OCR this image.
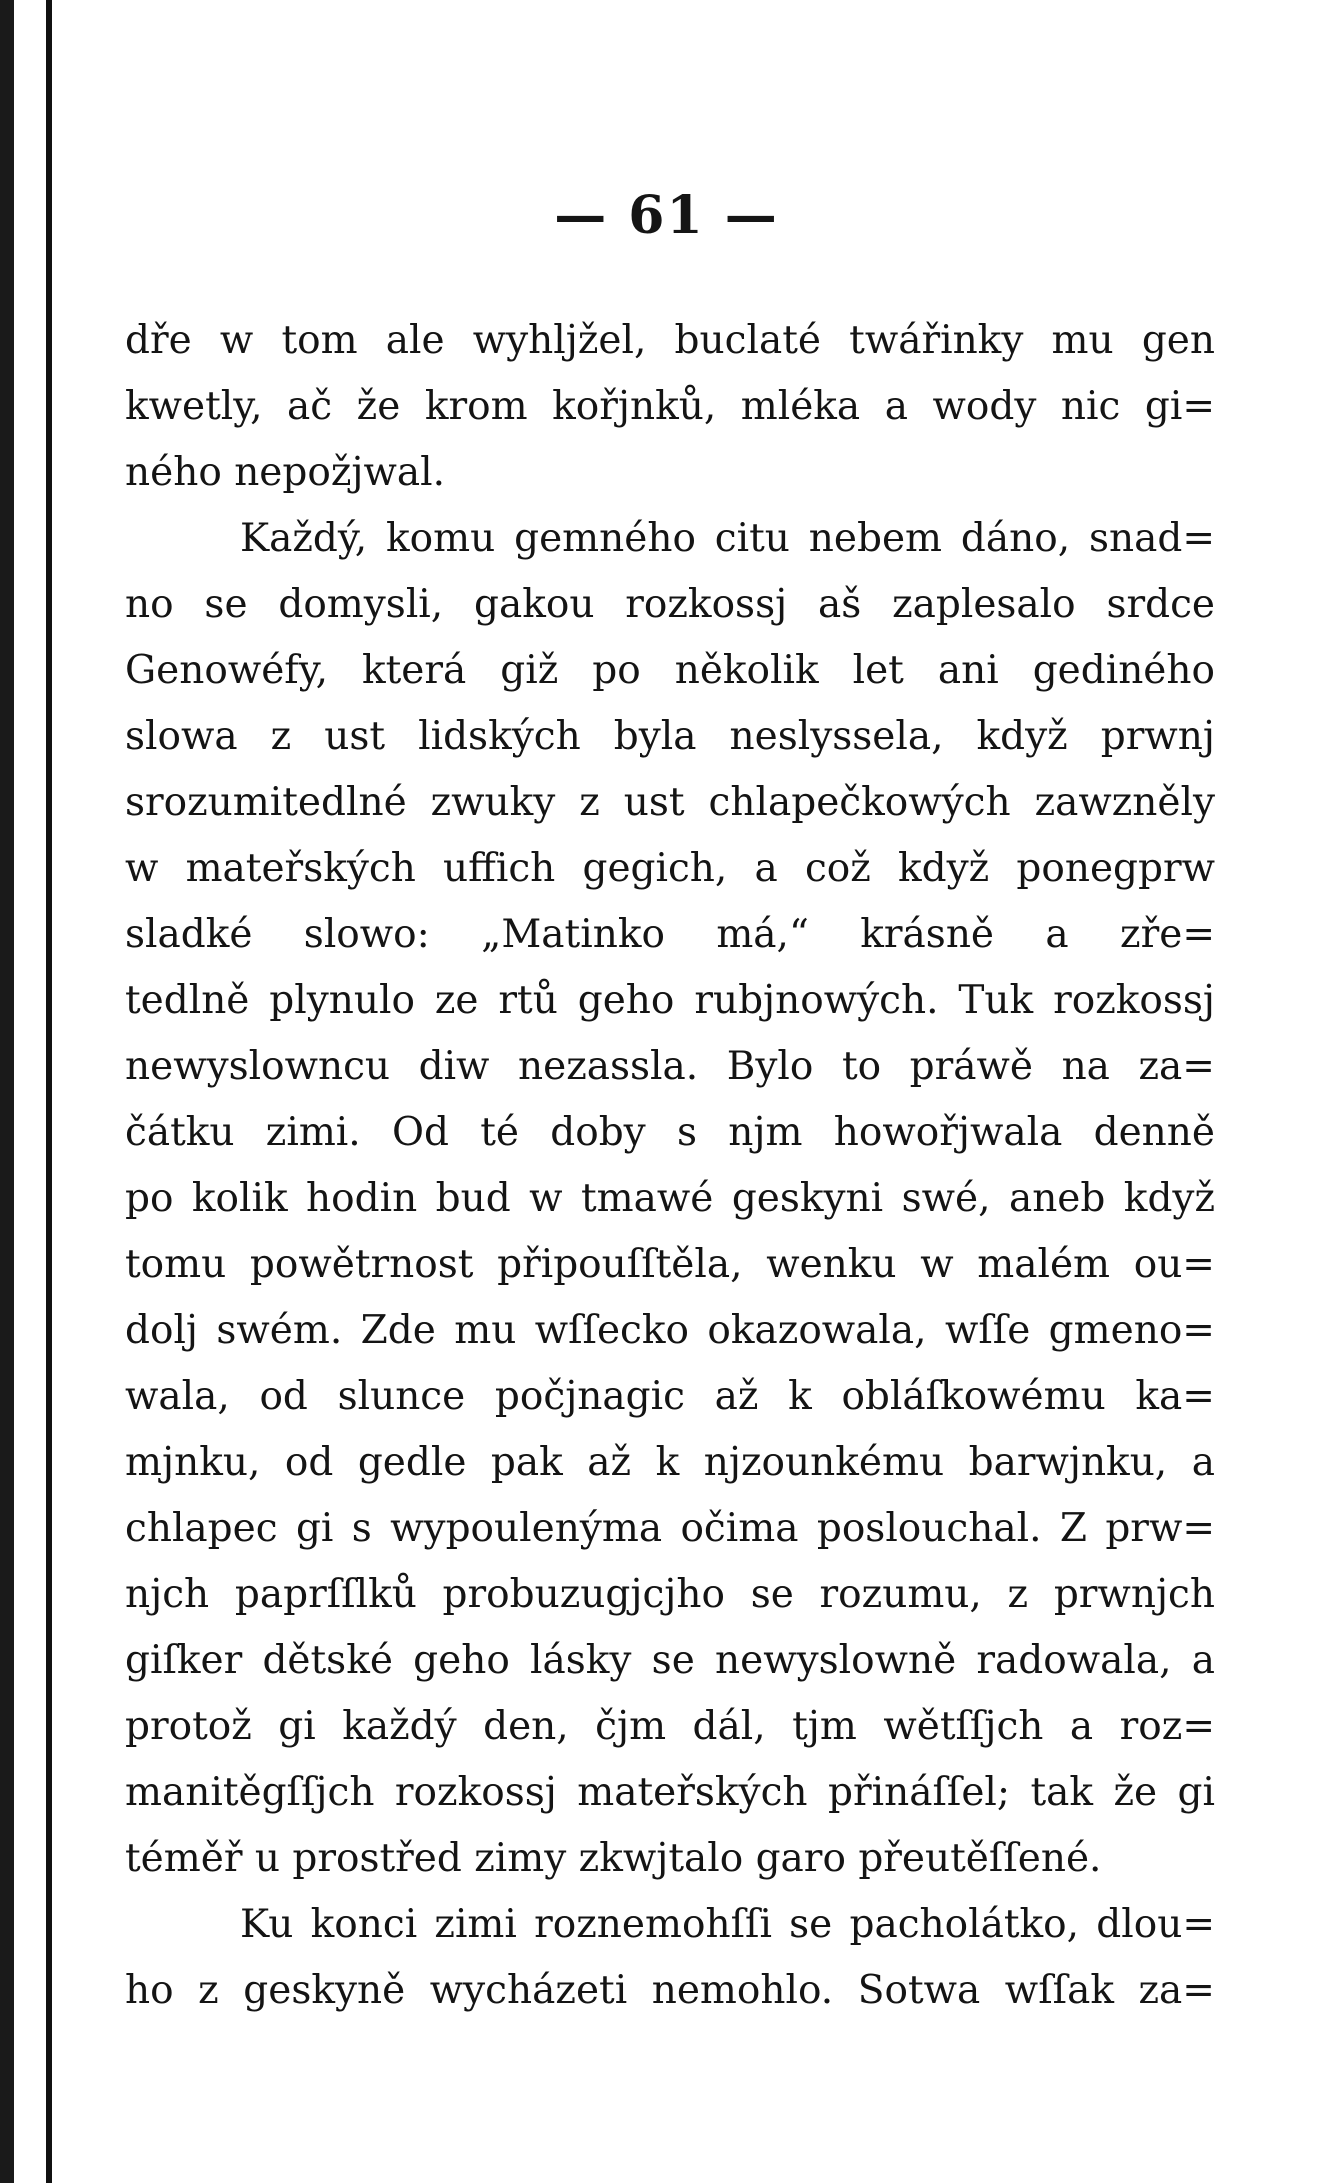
— 61 —
dře w tom ale wyhljžel, buclaté twářinky mu gen
kwetly, ač že krom kořjnků, mléka a wody nic gi=
ného nepožjwal.
Každý, komu gemného citu nebem dáno, snad=
no se domysli, gakou rozkossj aš zaplesalo srdce
Genowéfy, která giž po několik let ani gediného
slowa z ust lidských byla neslyssela, když prwnj
srozumitedlné zwuky z ust chlapečkowých zawzněly
w mateřských uffich gegich, a což když ponegprw
sladké slowo: „Matinko má,“ krásně a zře=
tedlně plynulo ze rtů geho rubjnowých. Tuk rozkossj
newyslowncu diw nezassla. Bylo to práwě na za=
čátku zimi. Od té doby s njm howořjwala denně
po kolik hodin bud w tmawé geskyni swé, aneb když
tomu powětrnost připouſſtěla, wenku w malém ou=
dolj swém. Zde mu wſſecko okazowala, wſſe gmeno=
wala, od slunce počjnagic až k obláſkowému ka=
mjnku, od gedle pak až k njzounkému barwjnku, a
chlapec gi s wypoulenýma očima poslouchal. Z prw=
njch paprſſlků probuzugjcjho se rozumu, z prwnjch
giſker dětské geho lásky se newyslowně radowala, a
protož gi každý den, čjm dál, tjm wětſſjch a roz=
manitěgſſjch rozkossj mateřských přináſſel; tak že gi
téměř u prostřed zimy zkwjtalo garo přeutěſſené.
Ku konci zimi roznemohſſi se pacholátko, dlou=
ho z geskyně wycházeti nemohlo. Sotwa wſſak za=
